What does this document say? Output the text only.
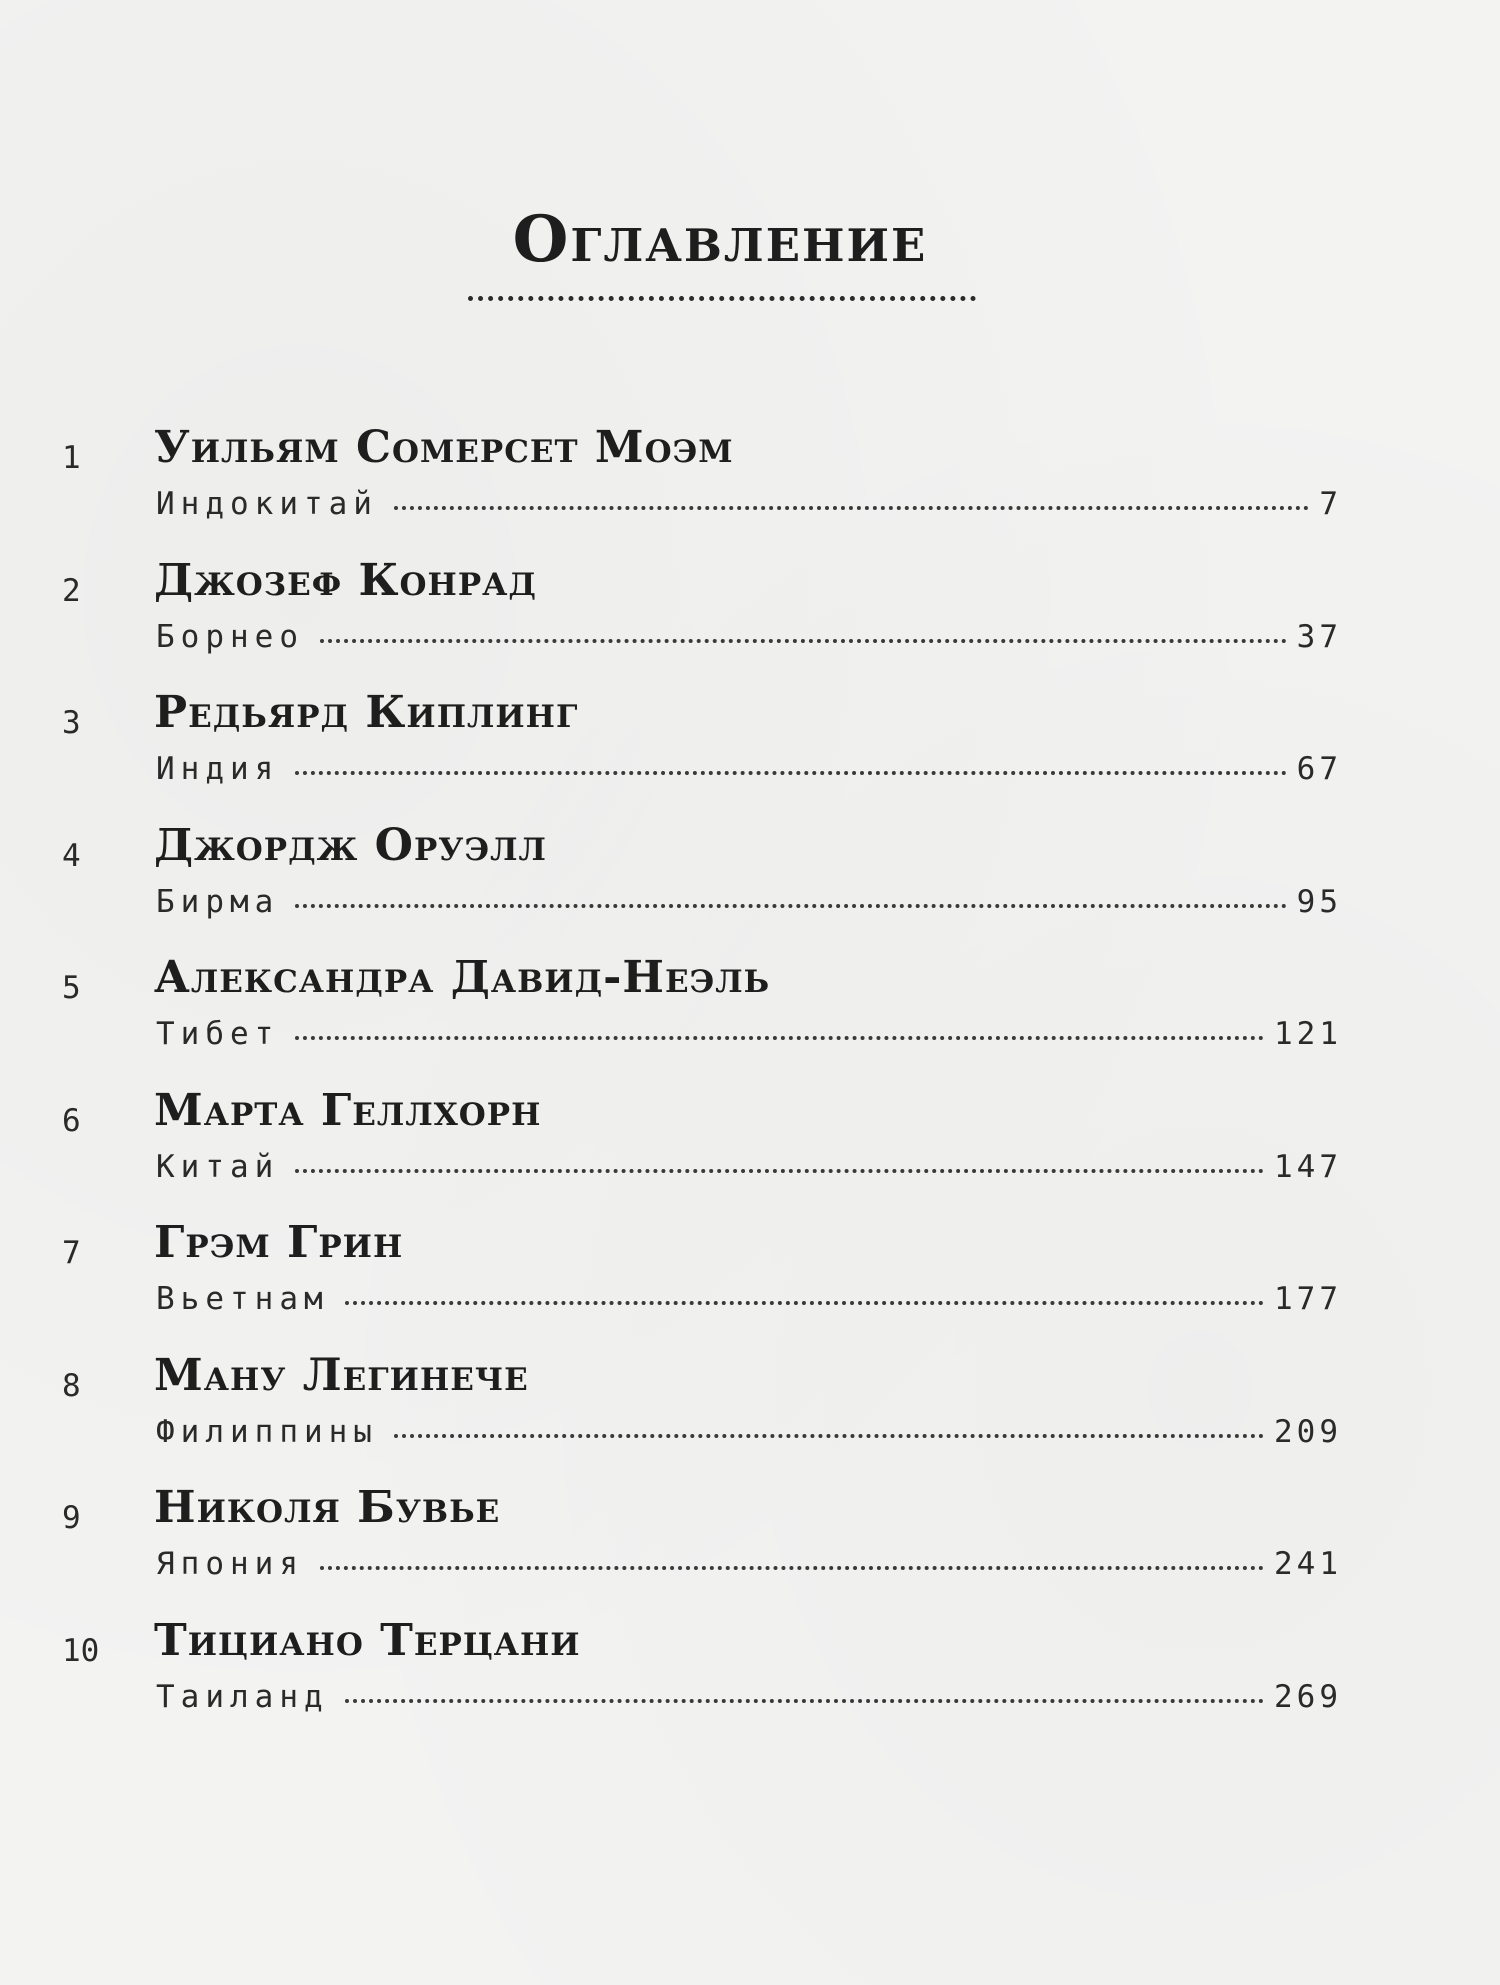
Оглавление
1 Уильям Сомерсет Моэм
Индокитай	7
2 Джозеф Конрад
Борнео	37
3 Редьярд Киплинг
Индия	67
4 Джордж Оруэлл
Бирма	95
5 Александра Давид-Неэль
Тибет	121
6 Марта Геллхорн
Китай	147
7 Грэм Грин
Вьетнам	177
8 Ману Легинече
Филиппины	209
9 Николя Бувье
Япония	241
10 Тициано Терцани
Таиланд	269
